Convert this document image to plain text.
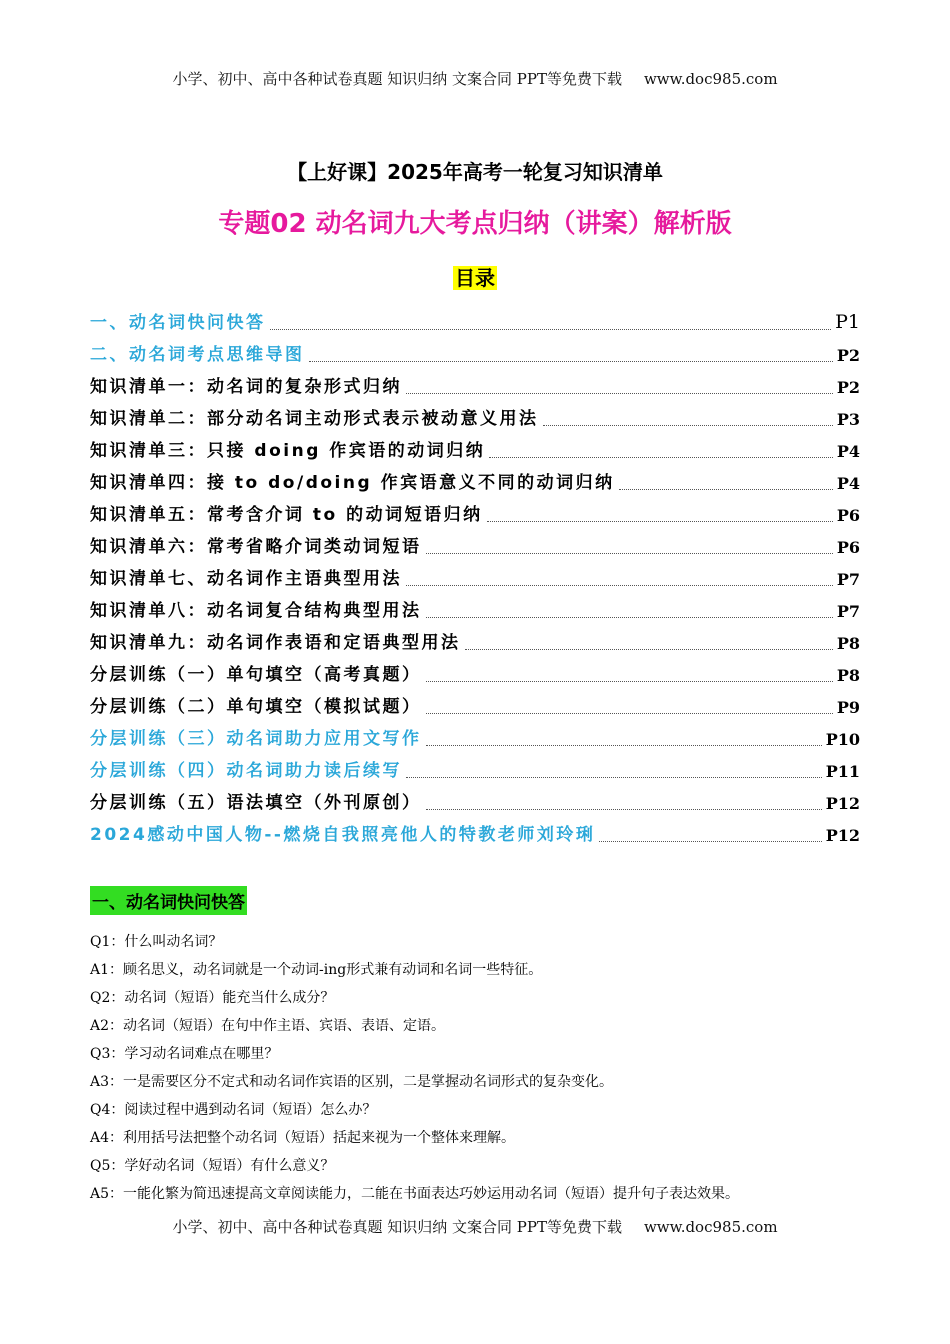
小学、初中、高中各种试卷真题 知识归纳 文案合同 PPT等免费下载 www.doc985.com
【上好课】2025年高考一轮复习知识清单
专题02 动名词九大考点归纳（讲案）解析版
目录
一、动名词快问快答	P1
二、动名词考点思维导图	P2
知识清单一：动名词的复杂形式归纳	P2
知识清单二：部分动名词主动形式表示被动意义用法	P3
知识清单三：只接 doing 作宾语的动词归纳	P4
知识清单四：接 to do/doing 作宾语意义不同的动词归纳	P4
知识清单五：常考含介词 to 的动词短语归纳	P6
知识清单六：常考省略介词类动词短语	P6
知识清单七、动名词作主语典型用法	P7
知识清单八：动名词复合结构典型用法	P7
知识清单九：动名词作表语和定语典型用法	P8
分层训练（一）单句填空（高考真题）	P8
分层训练（二）单句填空（模拟试题）	P9
分层训练（三）动名词助力应用文写作	P10
分层训练（四）动名词助力读后续写	P11
分层训练（五）语法填空（外刊原创）	P12
2024感动中国人物--燃烧自我照亮他人的特教老师刘玲琍	P12
一、动名词快问快答
Q1：什么叫动名词？
A1：顾名思义，动名词就是一个动词-ing形式兼有动词和名词一些特征。
Q2：动名词（短语）能充当什么成分？
A2：动名词（短语）在句中作主语、宾语、表语、定语。
Q3：学习动名词难点在哪里？
A3：一是需要区分不定式和动名词作宾语的区别，二是掌握动名词形式的复杂变化。
Q4：阅读过程中遇到动名词（短语）怎么办？
A4：利用括号法把整个动名词（短语）括起来视为一个整体来理解。
Q5：学好动名词（短语）有什么意义？
A5：一能化繁为简迅速提高文章阅读能力，二能在书面表达巧妙运用动名词（短语）提升句子表达效果。
小学、初中、高中各种试卷真题 知识归纳 文案合同 PPT等免费下载 www.doc985.com
